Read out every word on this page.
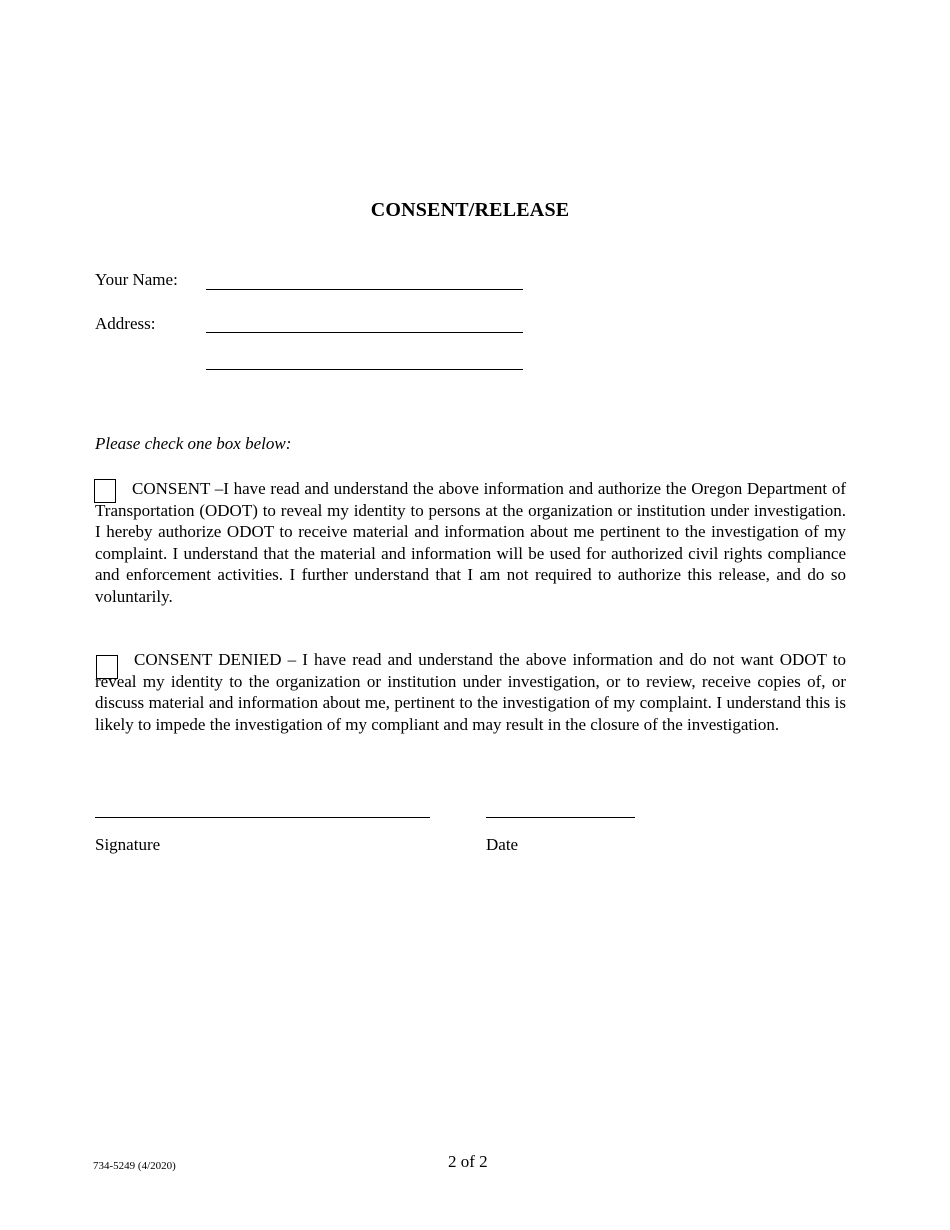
CONSENT/RELEASE
Your Name:
Address:
Please check one box below:
CONSENT –I have read and understand the above information and authorize the Oregon Department of Transportation (ODOT) to reveal my identity to persons at the organization or institution under investigation. I hereby authorize ODOT to receive material and information about me pertinent to the investigation of my complaint. I understand that the material and information will be used for authorized civil rights compliance and enforcement activities. I further understand that I am not required to authorize this release, and do so voluntarily.
CONSENT DENIED – I have read and understand the above information and do not want ODOT to reveal my identity to the organization or institution under investigation, or to review, receive copies of, or discuss material and information about me, pertinent to the investigation of my complaint. I understand this is likely to impede the investigation of my compliant and may result in the closure of the investigation.
Signature	Date
734-5249 (4/2020)	2 of 2
